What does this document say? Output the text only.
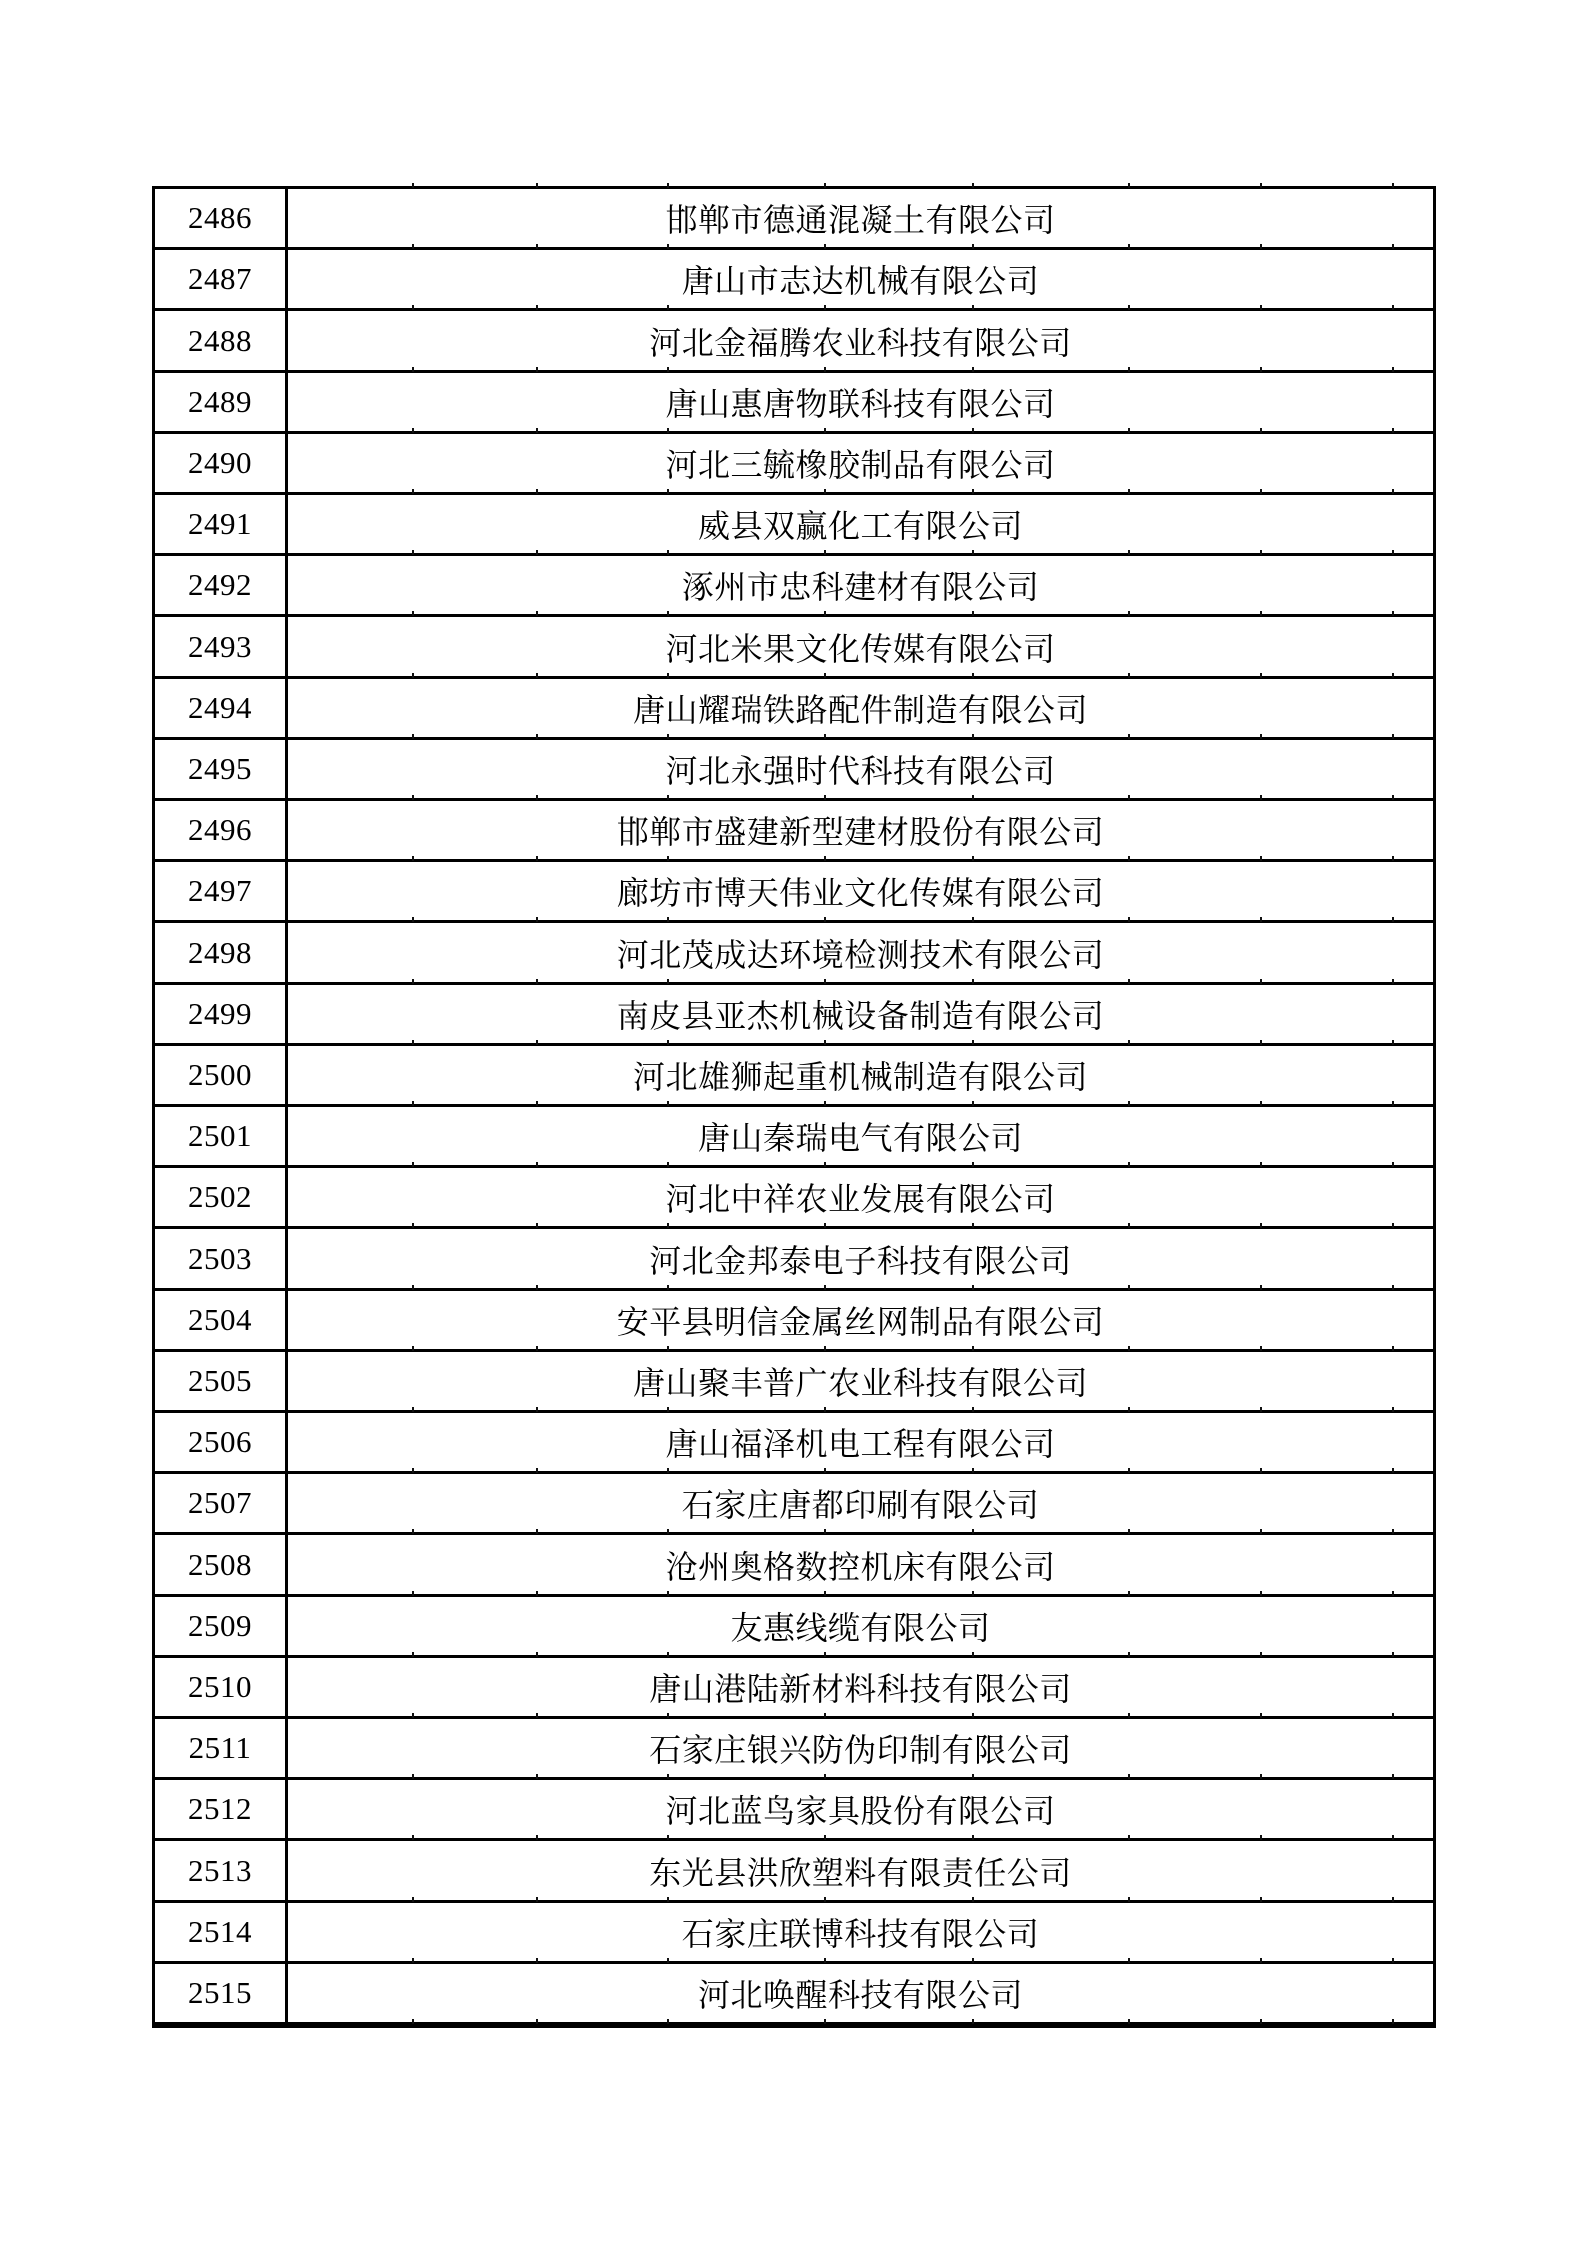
2486	邯郸市德通混凝土有限公司
2487	唐山市志达机械有限公司
2488	河北金福腾农业科技有限公司
2489	唐山惠唐物联科技有限公司
2490	河北三毓橡胶制品有限公司
2491	威县双赢化工有限公司
2492	涿州市忠科建材有限公司
2493	河北米果文化传媒有限公司
2494	唐山耀瑞铁路配件制造有限公司
2495	河北永强时代科技有限公司
2496	邯郸市盛建新型建材股份有限公司
2497	廊坊市博天伟业文化传媒有限公司
2498	河北茂成达环境检测技术有限公司
2499	南皮县亚杰机械设备制造有限公司
2500	河北雄狮起重机械制造有限公司
2501	唐山秦瑞电气有限公司
2502	河北中祥农业发展有限公司
2503	河北金邦泰电子科技有限公司
2504	安平县明信金属丝网制品有限公司
2505	唐山聚丰普广农业科技有限公司
2506	唐山福泽机电工程有限公司
2507	石家庄唐都印刷有限公司
2508	沧州奥格数控机床有限公司
2509	友惠线缆有限公司
2510	唐山港陆新材料科技有限公司
2511	石家庄银兴防伪印制有限公司
2512	河北蓝鸟家具股份有限公司
2513	东光县洪欣塑料有限责任公司
2514	石家庄联博科技有限公司
2515	河北唤醒科技有限公司
